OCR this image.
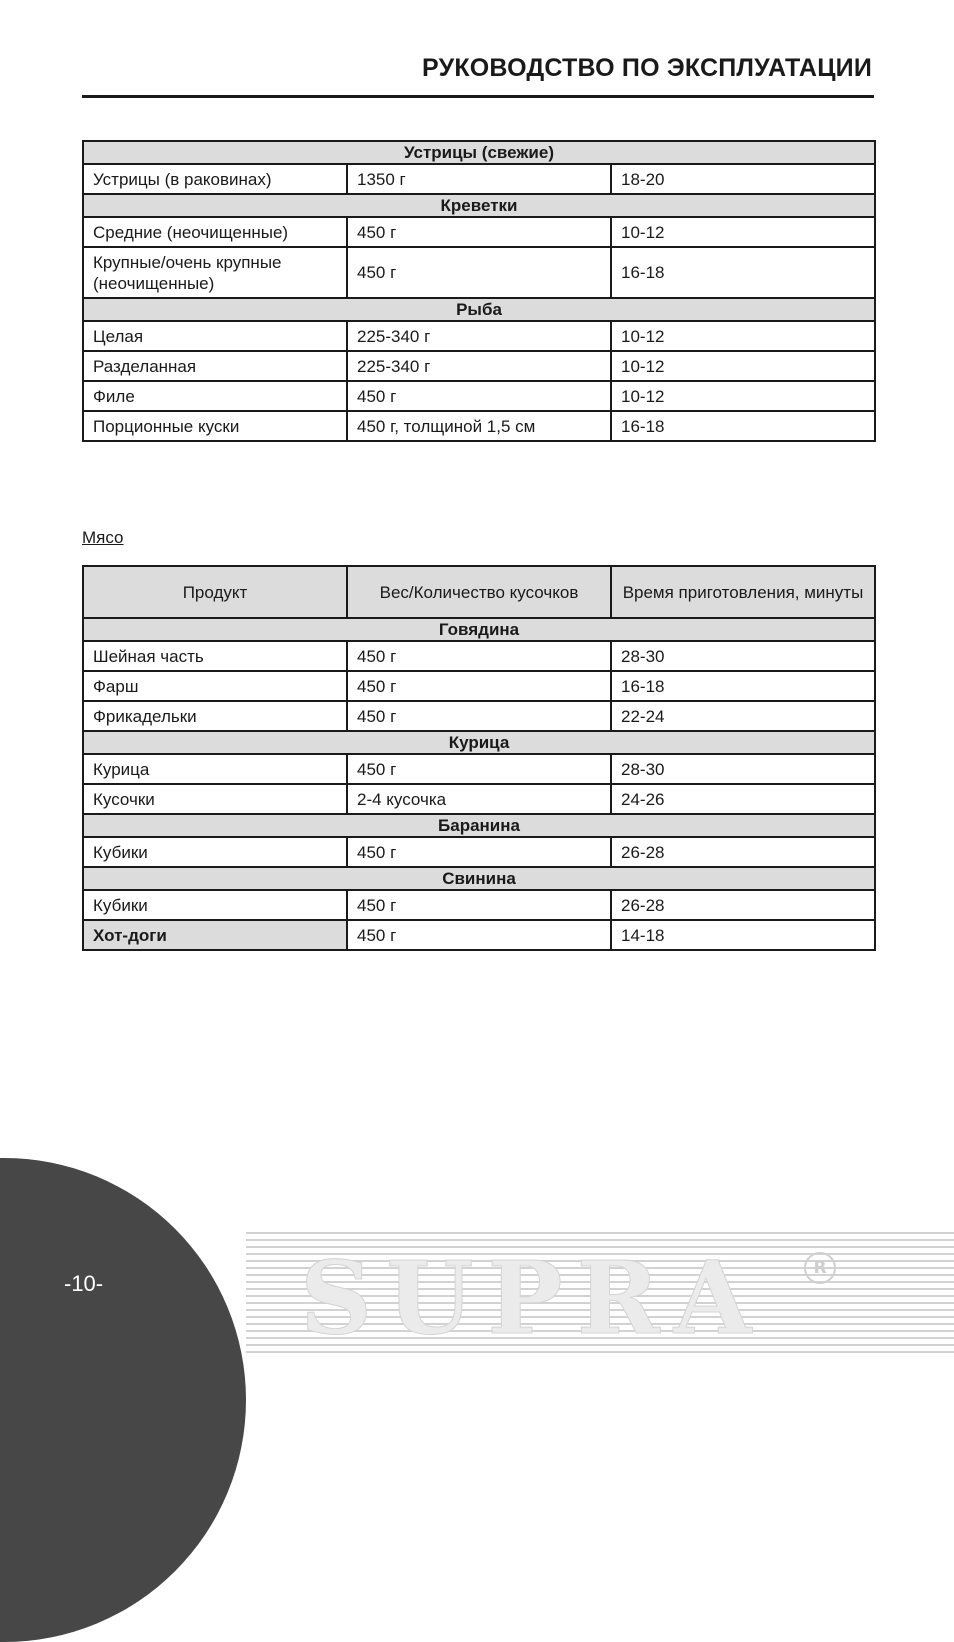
РУКОВОДСТВО ПО ЭКСПЛУАТАЦИИ
Устрицы (свежие)		
Устрицы (в раковинах)	1350 г	18-20
Креветки		
Средние (неочищенные)	450 г	10-12
Крупные/очень крупные (неочищенные)	450 г	16-18
Рыба		
Целая	225-340 г	10-12
Разделанная	225-340 г	10-12
Филе	450 г	10-12
Порционные куски	450 г, толщиной 1,5 см	16-18
Мясо
Продукт	Вес/Количество кусочков	Время приготовления, минуты
Говядина		
Шейная часть	450 г	28-30
Фарш	450 г	16-18
Фрикадельки	450 г	22-24
Курица		
Курица	450 г	28-30
Кусочки	2-4 кусочка	24-26
Баранина		
Кубики	450 г	26-28
Свинина		
Кубики	450 г	26-28
Хот-доги	450 г	14-18
-10- SUPRA	R
